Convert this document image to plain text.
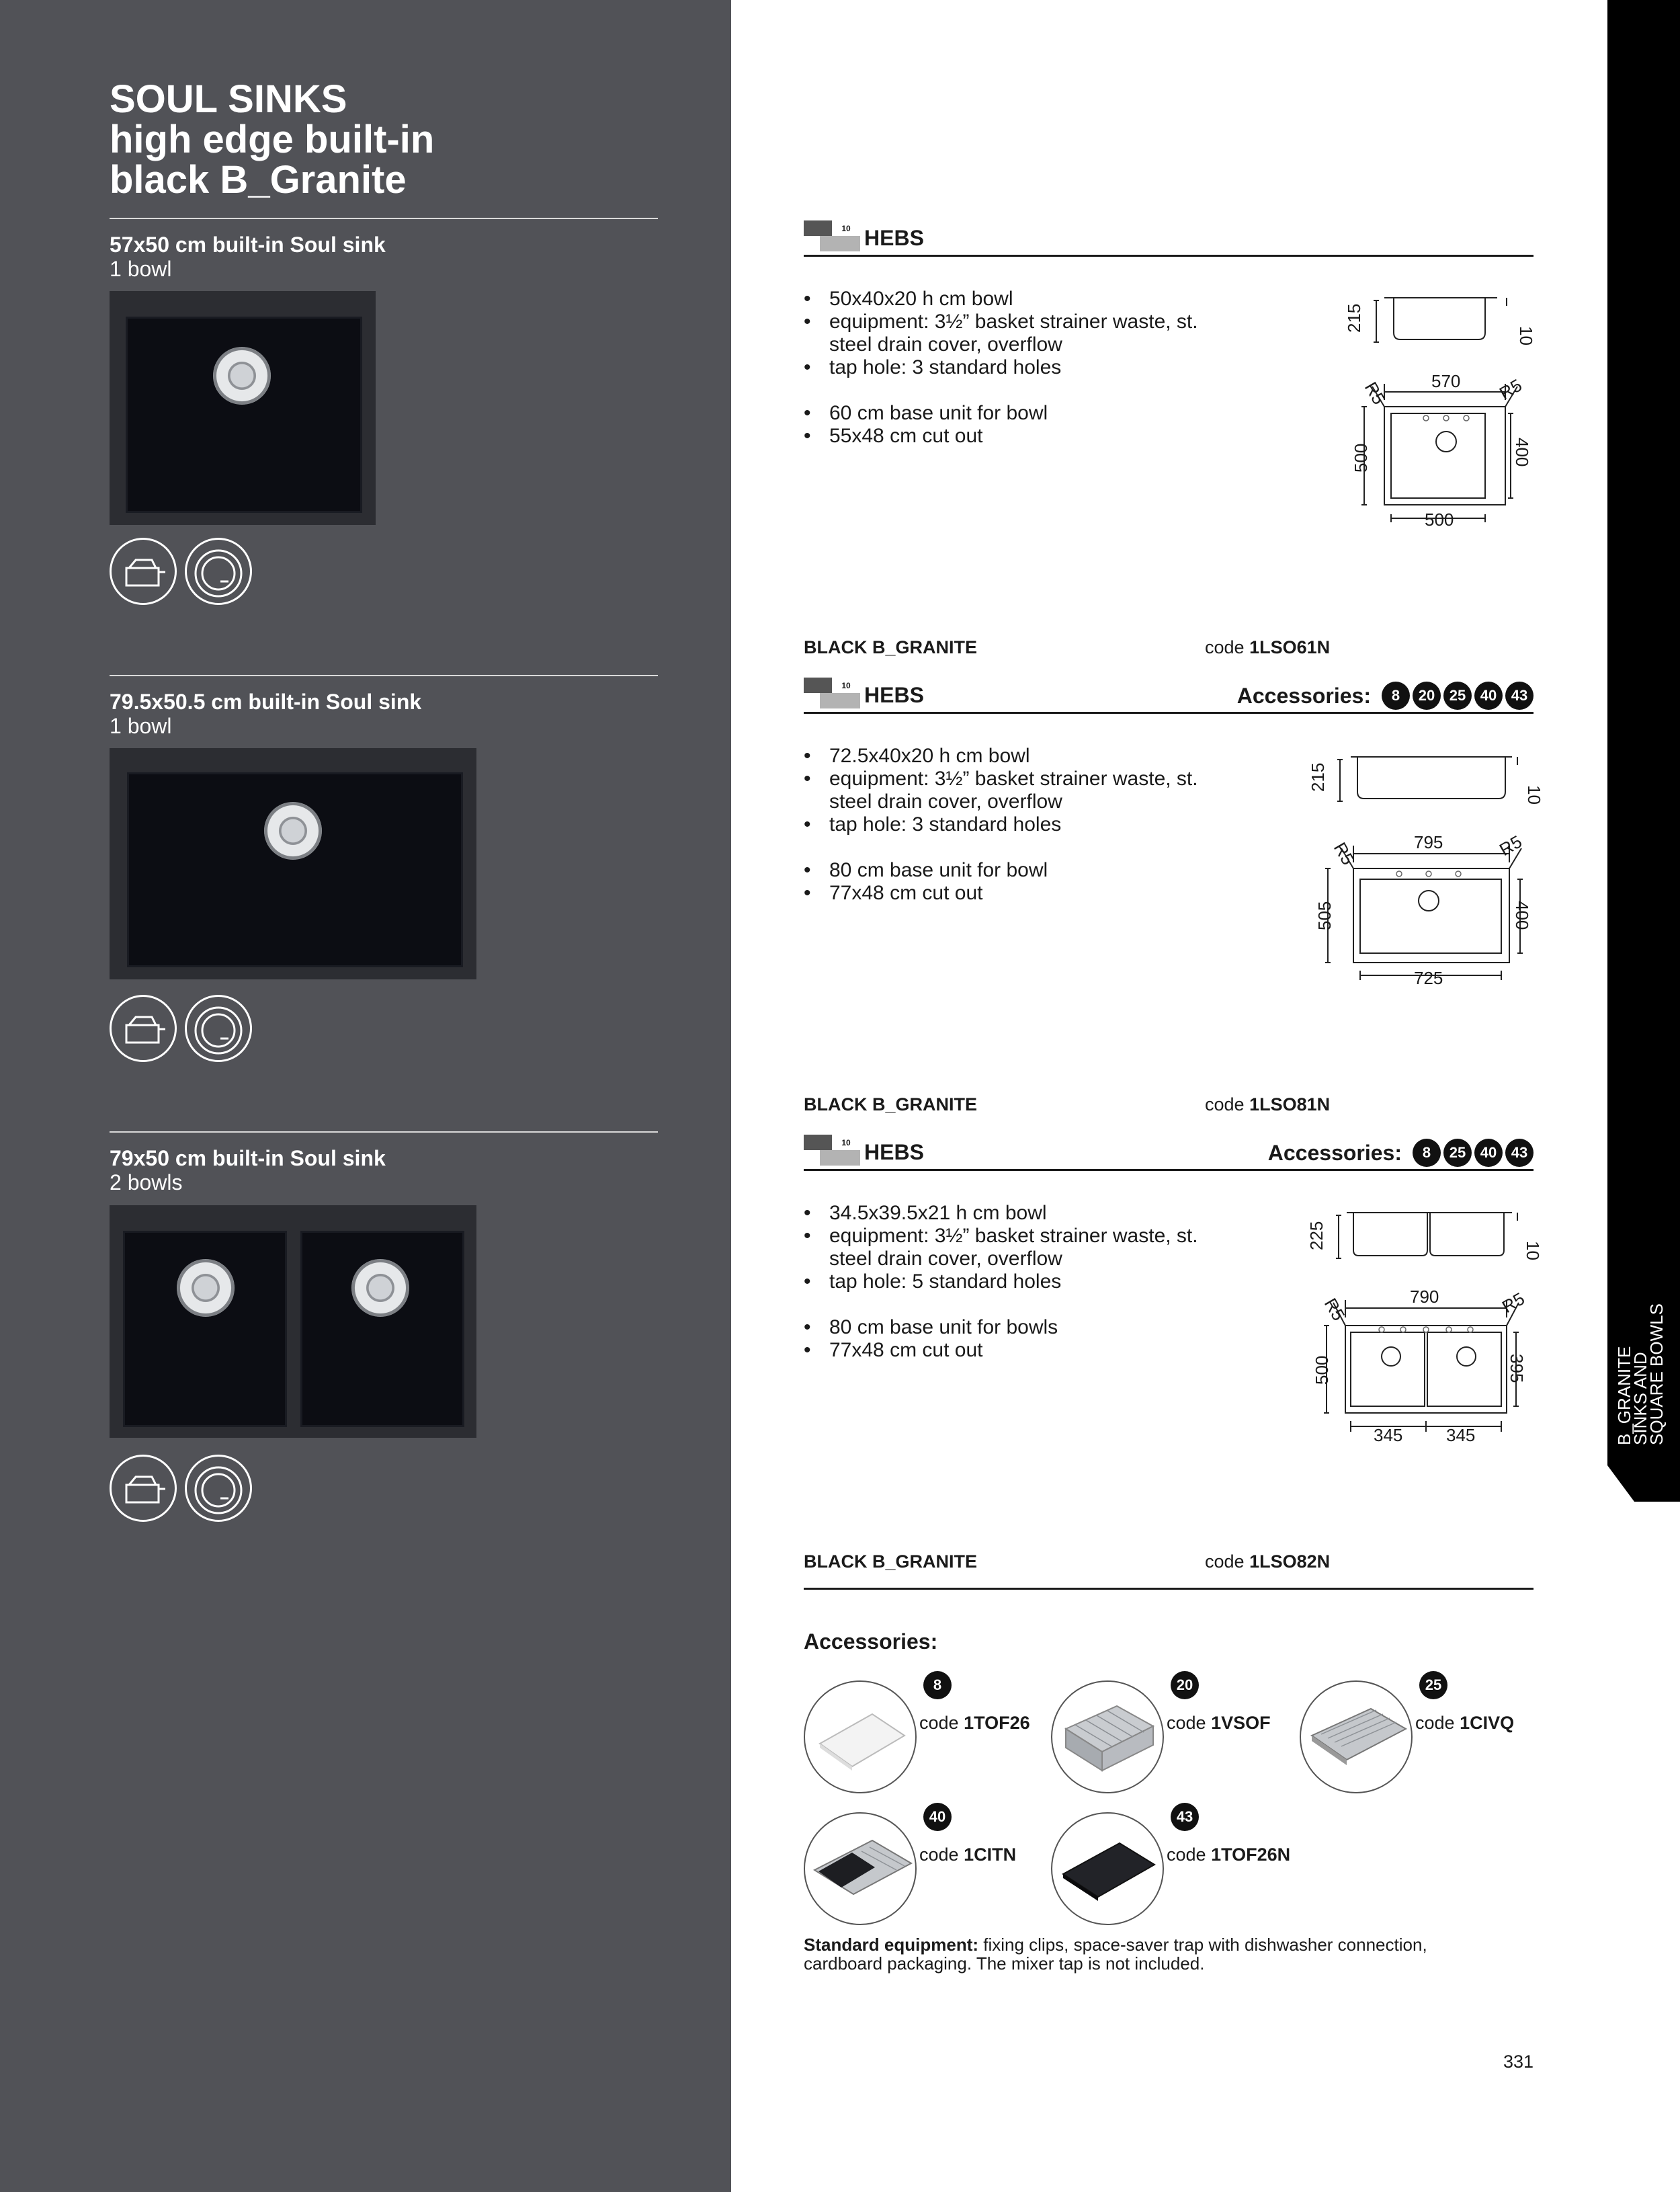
SOUL SINKS
high edge built-in
black B_Granite
57x50 cm built-in Soul sink
1 bowl
79.5x50.5 cm built-in Soul sink
1 bowl
79x50 cm built-in Soul sink
2 bowls
10 HEBS
• 50x40x20 h cm bowl
• equipment: 3½” basket strainer waste, st. steel drain cover, overflow
• tap hole: 3 standard holes
• 60 cm base unit for bowl
• 55x48 cm cut out
215
10
570
R5	R5
500	400
500
BLACK B_GRANITE	code 1LSO61N
10 HEBS	Accessories:	8	20 25 40 43
• 72.5x40x20 h cm bowl
• equipment: 3½” basket strainer waste, st. steel drain cover, overflow
• tap hole: 3 standard holes
• 80 cm base unit for bowl
• 77x48 cm cut out
215
10
795
R5	R5
505	400
725
BLACK B_GRANITE	code 1LSO81N
10 HEBS	Accessories:	8	25 40 43
• 34.5x39.5x21 h cm bowl
• equipment: 3½” basket strainer waste, st. steel drain cover, overflow
• tap hole: 5 standard holes
• 80 cm base unit for bowls
• 77x48 cm cut out
225
10
790
R5	R5
500	395
345 345
BLACK B_GRANITE	code 1LSO82N
Accessories:
8
code 1TOF26
20
code 1VSOF
25
code 1CIVQ
40
code 1CITN
43
code 1TOF26N
Standard equipment: fixing clips, space-saver trap with dishwasher connection, cardboard packaging. The mixer tap is not included.
331
B_GRANITE
SINKS AND
SQUARE BOWLS
